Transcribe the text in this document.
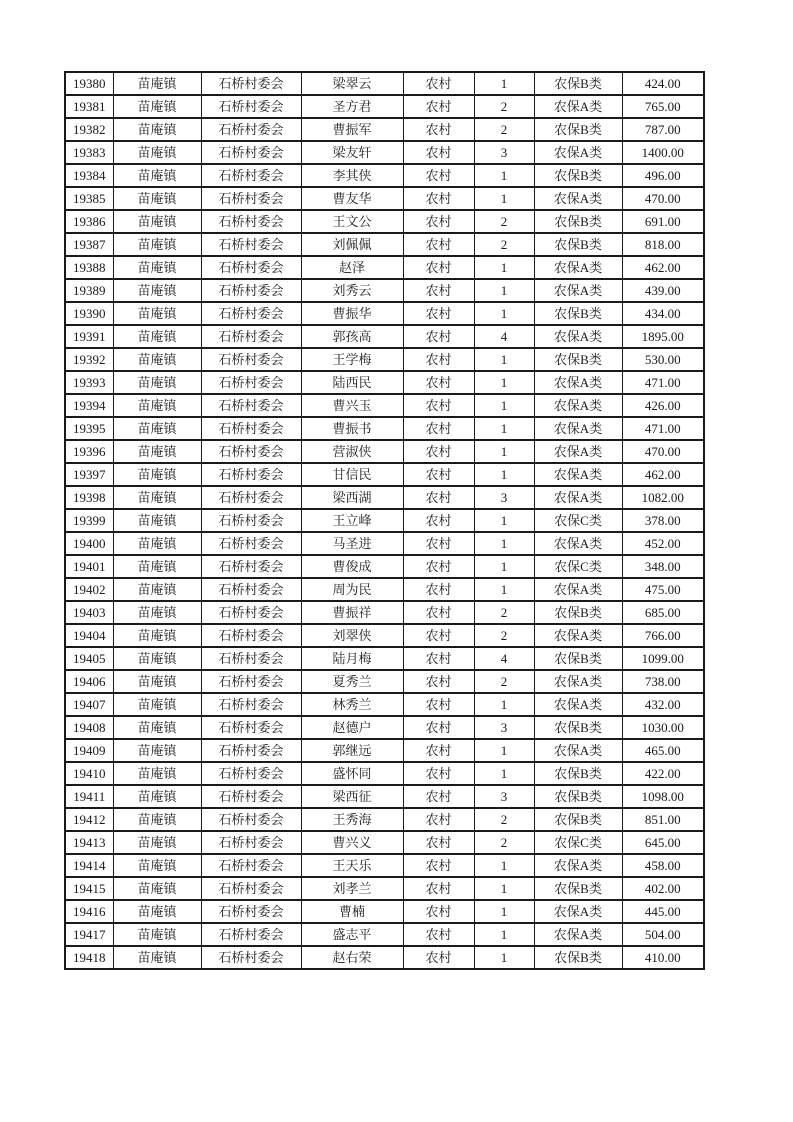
19380	苗庵镇	石桥村委会	梁翠云	农村	1	农保B类	424.00
19381	苗庵镇	石桥村委会	圣方君	农村	2	农保A类	765.00
19382	苗庵镇	石桥村委会	曹振军	农村	2	农保B类	787.00
19383	苗庵镇	石桥村委会	梁友轩	农村	3	农保A类	1400.00
19384	苗庵镇	石桥村委会	李其侠	农村	1	农保B类	496.00
19385	苗庵镇	石桥村委会	曹友华	农村	1	农保A类	470.00
19386	苗庵镇	石桥村委会	王文公	农村	2	农保B类	691.00
19387	苗庵镇	石桥村委会	刘佩佩	农村	2	农保B类	818.00
19388	苗庵镇	石桥村委会	赵泽	农村	1	农保A类	462.00
19389	苗庵镇	石桥村委会	刘秀云	农村	1	农保A类	439.00
19390	苗庵镇	石桥村委会	曹振华	农村	1	农保B类	434.00
19391	苗庵镇	石桥村委会	郭孩高	农村	4	农保A类	1895.00
19392	苗庵镇	石桥村委会	王学梅	农村	1	农保B类	530.00
19393	苗庵镇	石桥村委会	陆西民	农村	1	农保A类	471.00
19394	苗庵镇	石桥村委会	曹兴玉	农村	1	农保A类	426.00
19395	苗庵镇	石桥村委会	曹振书	农村	1	农保A类	471.00
19396	苗庵镇	石桥村委会	营淑侠	农村	1	农保A类	470.00
19397	苗庵镇	石桥村委会	甘信民	农村	1	农保A类	462.00
19398	苗庵镇	石桥村委会	梁西湖	农村	3	农保A类	1082.00
19399	苗庵镇	石桥村委会	王立峰	农村	1	农保C类	378.00
19400	苗庵镇	石桥村委会	马圣进	农村	1	农保A类	452.00
19401	苗庵镇	石桥村委会	曹俊成	农村	1	农保C类	348.00
19402	苗庵镇	石桥村委会	周为民	农村	1	农保A类	475.00
19403	苗庵镇	石桥村委会	曹振祥	农村	2	农保B类	685.00
19404	苗庵镇	石桥村委会	刘翠侠	农村	2	农保A类	766.00
19405	苗庵镇	石桥村委会	陆月梅	农村	4	农保B类	1099.00
19406	苗庵镇	石桥村委会	夏秀兰	农村	2	农保A类	738.00
19407	苗庵镇	石桥村委会	林秀兰	农村	1	农保A类	432.00
19408	苗庵镇	石桥村委会	赵德户	农村	3	农保B类	1030.00
19409	苗庵镇	石桥村委会	郭继远	农村	1	农保A类	465.00
19410	苗庵镇	石桥村委会	盛怀同	农村	1	农保B类	422.00
19411	苗庵镇	石桥村委会	梁西征	农村	3	农保B类	1098.00
19412	苗庵镇	石桥村委会	王秀海	农村	2	农保B类	851.00
19413	苗庵镇	石桥村委会	曹兴义	农村	2	农保C类	645.00
19414	苗庵镇	石桥村委会	王天乐	农村	1	农保A类	458.00
19415	苗庵镇	石桥村委会	刘孝兰	农村	1	农保B类	402.00
19416	苗庵镇	石桥村委会	曹楠	农村	1	农保A类	445.00
19417	苗庵镇	石桥村委会	盛志平	农村	1	农保A类	504.00
19418	苗庵镇	石桥村委会	赵右荣	农村	1	农保B类	410.00
